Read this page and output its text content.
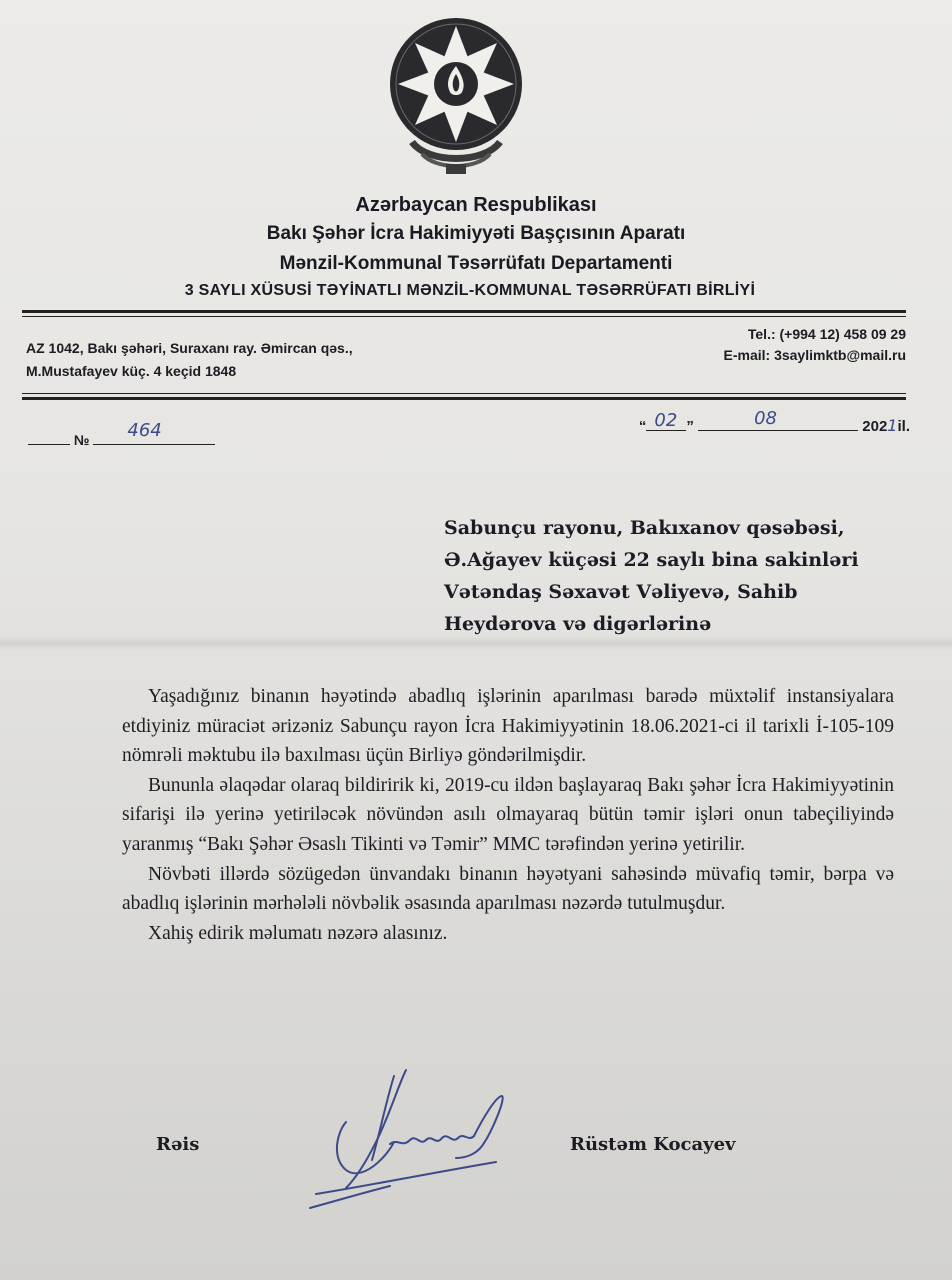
Azərbaycan Respublikası
Bakı Şəhər İcra Hakimiyyəti Başçısının Aparatı
Mənzil-Kommunal Təsərrüfatı Departamenti
3 SAYLI XÜSUSİ TƏYİNATLI MƏNZİL-KOMMUNAL TƏSƏRRÜFATI BİRLİYİ
AZ 1042, Bakı şəhəri, Suraxanı ray. Əmircan qəs.,
M.Mustafayev küç. 4 keçid 1848
Tel.: (+994 12) 458 09 29
E-mail: 3saylimktb@mail.ru
№ 464	“ 02 ”	08	2021il.
Sabunçu rayonu, Bakıxanov qəsəbəsi,
Ə.Ağayev küçəsi 22 saylı bina sakinləri
Vətəndaş Səxavət Vəliyevə, Sahib
Heydərova və digərlərinə

Yaşadığınız binanın həyətində abadlıq işlərinin aparılması barədə müxtəlif instansiyalara etdiyiniz müraciət ərizəniz Sabunçu rayon İcra Hakimiyyətinin 18.06.2021-ci il tarixli İ-105-109 nömrəli məktubu ilə baxılması üçün Birliyə göndərilmişdir.

Bununla əlaqədar olaraq bildiririk ki, 2019-cu ildən başlayaraq Bakı şəhər İcra Hakimiyyətinin sifarişi ilə yerinə yetiriləcək növündən asılı olmayaraq bütün təmir işləri onun tabeçiliyində yaranmış “Bakı Şəhər Əsaslı Tikinti və Təmir” MMC tərəfindən yerinə yetirilir.

Növbəti illərdə sözügedən ünvandakı binanın həyətyani sahəsində müvafiq təmir, bərpa və abadlıq işlərinin mərhələli növbəlik əsasında aparılması nəzərdə tutulmuşdur.

Xahiş edirik məlumatı nəzərə alasınız.

Rəis	Rüstəm Kocayev
